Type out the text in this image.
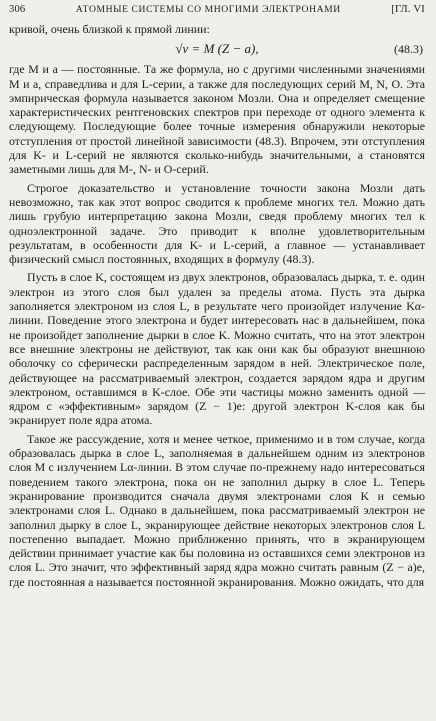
306	АТОМНЫЕ СИСТЕМЫ СО МНОГИМИ ЭЛЕКТРОНАМИ	[ГЛ. VI

кривой, очень близкой к прямой линии:

√ν = M (Z − a),	(48.3)

где M и a — постоянные. Та же формула, но с другими численными значениями M и a, справедлива и для L-серии, а также для последующих серий M, N, O. Эта эмпирическая формула называется законом Мозли. Она и определяет смещение характеристических рентгеновских спектров при переходе от одного элемента к следующему. Последующие более точные измерения обнаружили некоторые отступления от простой линейной зависимости (48.3). Впрочем, эти отступления для K- и L-серий не являются сколько-нибудь значительными, а становятся заметными лишь для M-, N- и O-серий.

Строгое доказательство и установление точности закона Мозли дать невозможно, так как этот вопрос сводится к проблеме многих тел. Можно дать лишь грубую интерпретацию закона Мозли, сведя проблему многих тел к одноэлектронной задаче. Это приводит к вполне удовлетворительным результатам, в особенности для K- и L-серий, а главное — устанавливает физический смысл постоянных, входящих в формулу (48.3).

Пусть в слое K, состоящем из двух электронов, образовалась дырка, т. е. один электрон из этого слоя был удален за пределы атома. Пусть эта дырка заполняется электроном из слоя L, в результате чего произойдет излучение Kα-линии. Поведение этого электрона и будет интересовать нас в дальнейшем, пока не произойдет заполнение дырки в слое K. Можно считать, что на этот электрон все внешние электроны не действуют, так как они как бы образуют внешнюю оболочку со сферически распределенным зарядом в ней. Электрическое поле, действующее на рассматриваемый электрон, создается зарядом ядра и другим электроном, оставшимся в K-слое. Обе эти частицы можно заменить одной — ядром с «эффективным» зарядом (Z − 1)e: другой электрон K-слоя как бы экранирует поле ядра атома.

Такое же рассуждение, хотя и менее четкое, применимо и в том случае, когда образовалась дырка в слое L, заполняемая в дальнейшем одним из электронов слоя M с излучением Lα-линии. В этом случае по-прежнему надо интересоваться поведением такого электрона, пока он не заполнил дырку в слое L. Теперь экранирование производится сначала двумя электронами слоя K и семью электронами слоя L. Однако в дальнейшем, пока рассматриваемый электрон не заполнил дырку в слое L, экранирующее действие некоторых электронов слоя L постепенно выпадает. Можно приближенно принять, что в экранирующем действии принимает участие как бы половина из оставшихся семи электронов из слоя L. Это значит, что эффективный заряд ядра можно считать равным (Z − a)e, где постоянная a называется постоянной экранирования. Можно ожидать, что для
